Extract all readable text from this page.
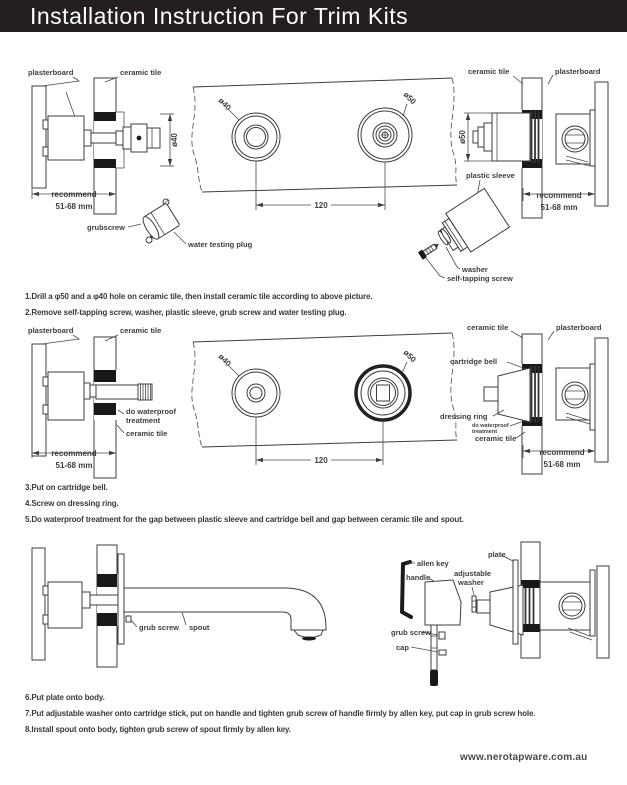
Installation Instruction For Trim Kits
plasterboard	ceramic tile
ø40
recommend
51-68 mm
ø40	ø50
120
ceramic tile	plasterboard
ø50
recommend
51-68 mm
grubscrew
water testing plug
plastic sleeve
washer
self-tapping screw
1.Drill a φ50 and a φ40 hole on ceramic tile, then install ceramic tile according to above picture.
2.Remove self-tapping screw, washer, plastic sleeve, grub screw and water testing plug.
plasterboard	ceramic tile
do waterproof
treatment
ceramic tile
recommend
51-68 mm
ø40	ø50
120
ceramic tile	plasterboard
cartridge bell
dressing ring
do waterproof
treatment
ceramic tile
recommend
51-68 mm
3.Put on cartridge bell.
4.Screw on dressing ring.
5.Do waterproof treatment for the gap between plastic sleeve and cartridge bell and gap between ceramic tile and spout.
grub screw spout
allen key
handle
grub screw
cap
adjustable
washer
plate
6.Put plate onto body.
7.Put adjustable washer onto cartridge stick, put on handle and tighten grub screw of handle firmly by allen key, put cap in grub screw hole.
8.Install spout onto body, tighten grub screw of spout firmly by allen key.
www.nerotapware.com.au
